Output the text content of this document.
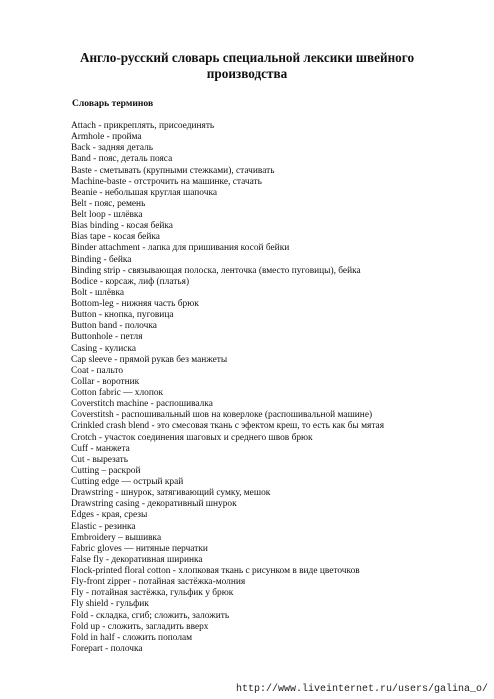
Англо-русский словарь специальной лексики швейного производства
Словарь терминов
Attach - прикреплять, присоединять
Armhole - пройма
Back - задняя деталь
Band - пояс, деталь пояса
Baste - сметывать (крупными стежками), стачивать
Machine-baste - отстрочить на машинке, стачать
Beanie - небольшая круглая шапочка
Belt - пояс, ремень
Belt loop - шлёвка
Bias binding - косая бейка
Bias tape - косая бейка
Binder attachment - лапка для пришивания косой бейки
Binding - бейка
Binding strip - связывающая полоска, ленточка (вместо пуговицы), бейка
Bodice - корсаж, лиф (платья)
Bolt - шлёвка
Bottom-leg - нижняя часть брюк
Button - кнопка, пуговица
Button band - полочка
Buttonhole - петля
Casing - кулиска
Cap sleeve - прямой рукав без манжеты
Coat - пальто
Collar - воротник
Cotton fabric — хлопок
Coverstitch machine - распошивалка
Coverstitsh - распошивальный шов на коверлоке (распошивальной машине)
Crinkled crash blend - это смесовая ткань с эфектом креш, то есть как бы мятая
Crotch - участок соединения шаговых и среднего швов брюк
Cuff - манжета
Cut - вырезать
Cutting – раскрой
Cutting edge — острый край
Drawstring - шнурок, затягивающий сумку, мешок
Drawstring casing - декоративный шнурок
Edges - края, срезы
Elastic - резинка
Embroidery – вышивка
Fabric gloves — нитяные перчатки
False fly - декоративная ширинка
Flock-printed floral cotton - хлопковая ткань с рисунком в виде цветочков
Fly-front zipper - потайная застёжка-молния
Fly - потайная застёжка, гульфик у брюк
Fly shield - гульфик
Fold - складка, сгиб; сложить, заложить
Fold up - сложить, загладить вверх
Fold in half - сложить пополам
Forepart - полочка
http://www.liveinternet.ru/users/galina_o/
